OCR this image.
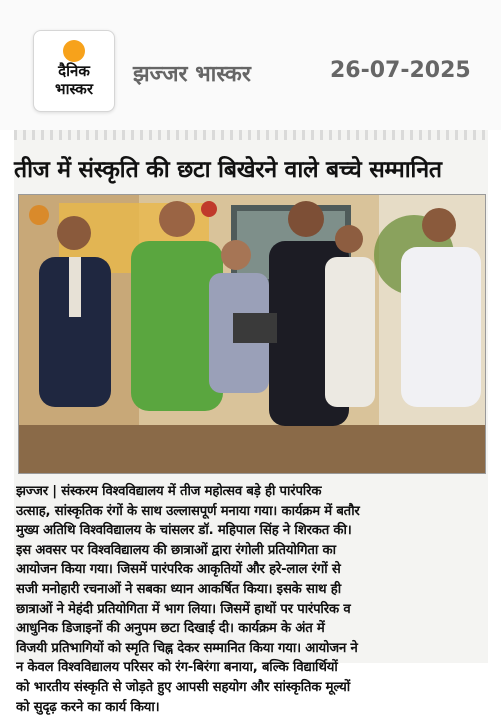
दैनिक
भास्कर
झज्जर भास्कर	26-07-2025
तीज में संस्कृति की छटा बिखेरने वाले बच्चे सम्मानित
झज्जर | संस्करम विश्वविद्यालय में तीज महोत्सव बड़े ही पारंपरिक
उत्साह, सांस्कृतिक रंगों के साथ उल्लासपूर्ण मनाया गया। कार्यक्रम में बतौर
मुख्य अतिथि विश्वविद्यालय के चांसलर डॉ. महिपाल सिंह ने शिरकत की।
इस अवसर पर विश्वविद्यालय की छात्राओं द्वारा रंगोली प्रतियोगिता का
आयोजन किया गया। जिसमें पारंपरिक आकृतियों और हरे-लाल रंगों से
सजी मनोहारी रचनाओं ने सबका ध्यान आकर्षित किया। इसके साथ ही
छात्राओं ने मेहंदी प्रतियोगिता में भाग लिया। जिसमें हाथों पर पारंपरिक व
आधुनिक डिजाइनों की अनुपम छटा दिखाई दी। कार्यक्रम के अंत में
विजयी प्रतिभागियों को स्मृति चिह्न देकर सम्मानित किया गया। आयोजन ने
न केवल विश्वविद्यालय परिसर को रंग-बिरंगा बनाया, बल्कि विद्यार्थियों
को भारतीय संस्कृति से जोड़ते हुए आपसी सहयोग और सांस्कृतिक मूल्यों
को सुदृढ़ करने का कार्य किया।
